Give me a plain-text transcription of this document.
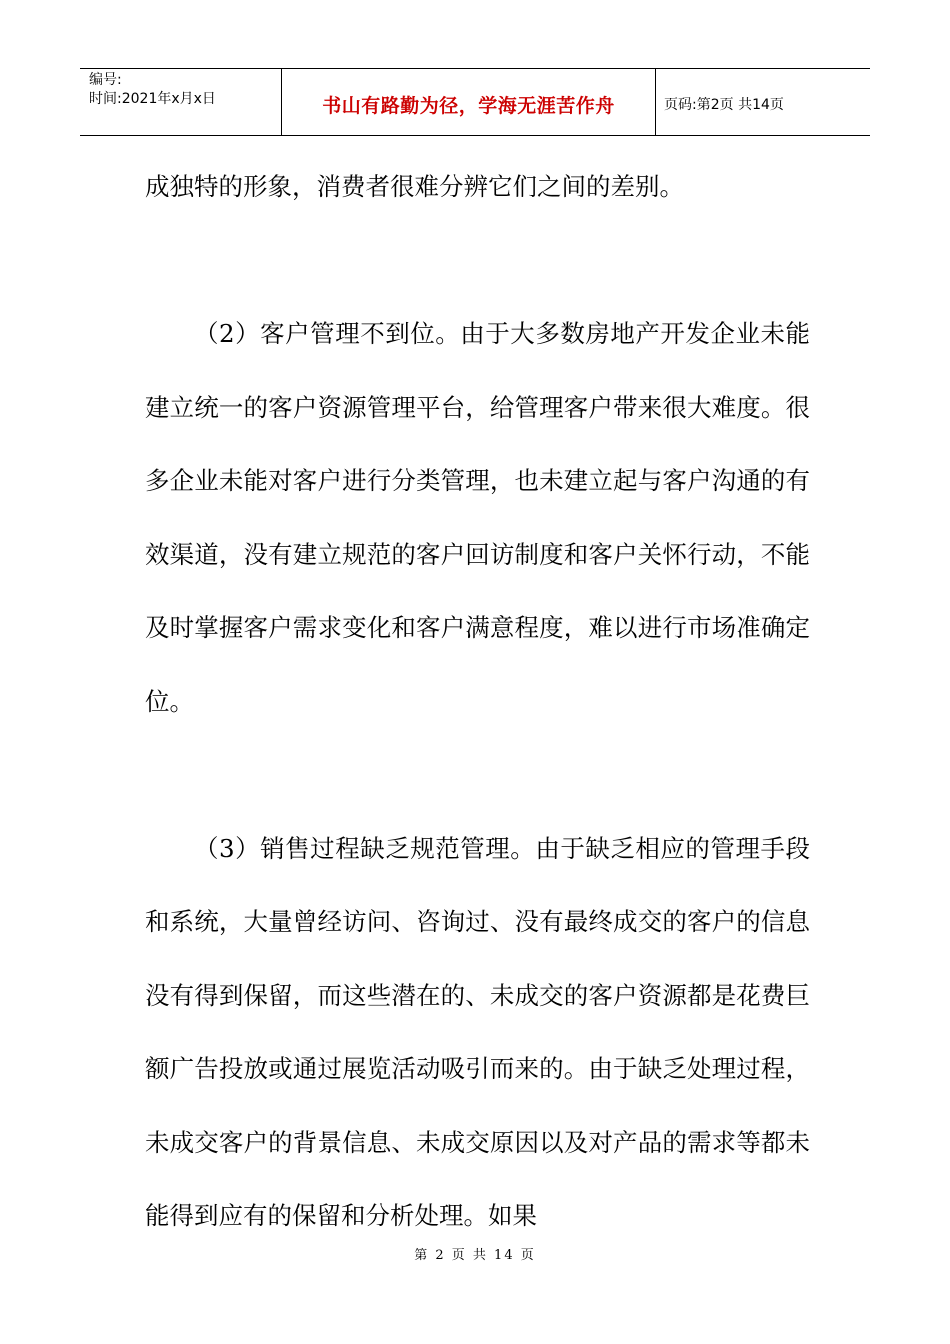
编号:
时间:2021年x月x日	书山有路勤为径，学海无涯苦作舟	页码:第2页 共14页

成独特的形象，消费者很难分辨它们之间的差别。

（2）客户管理不到位。由于大多数房地产开发企业未能建立统一的客户资源管理平台，给管理客户带来很大难度。很多企业未能对客户进行分类管理，也未建立起与客户沟通的有效渠道，没有建立规范的客户回访制度和客户关怀行动，不能及时掌握客户需求变化和客户满意程度，难以进行市场准确定位。

（3）销售过程缺乏规范管理。由于缺乏相应的管理手段和系统，大量曾经访问、咨询过、没有最终成交的客户的信息没有得到保留，而这些潜在的、未成交的客户资源都是花费巨额广告投放或通过展览活动吸引而来的。由于缺乏处理过程，未成交客户的背景信息、未成交原因以及对产品的需求等都未能得到应有的保留和分析处理。如果

第 2 页 共 14 页
